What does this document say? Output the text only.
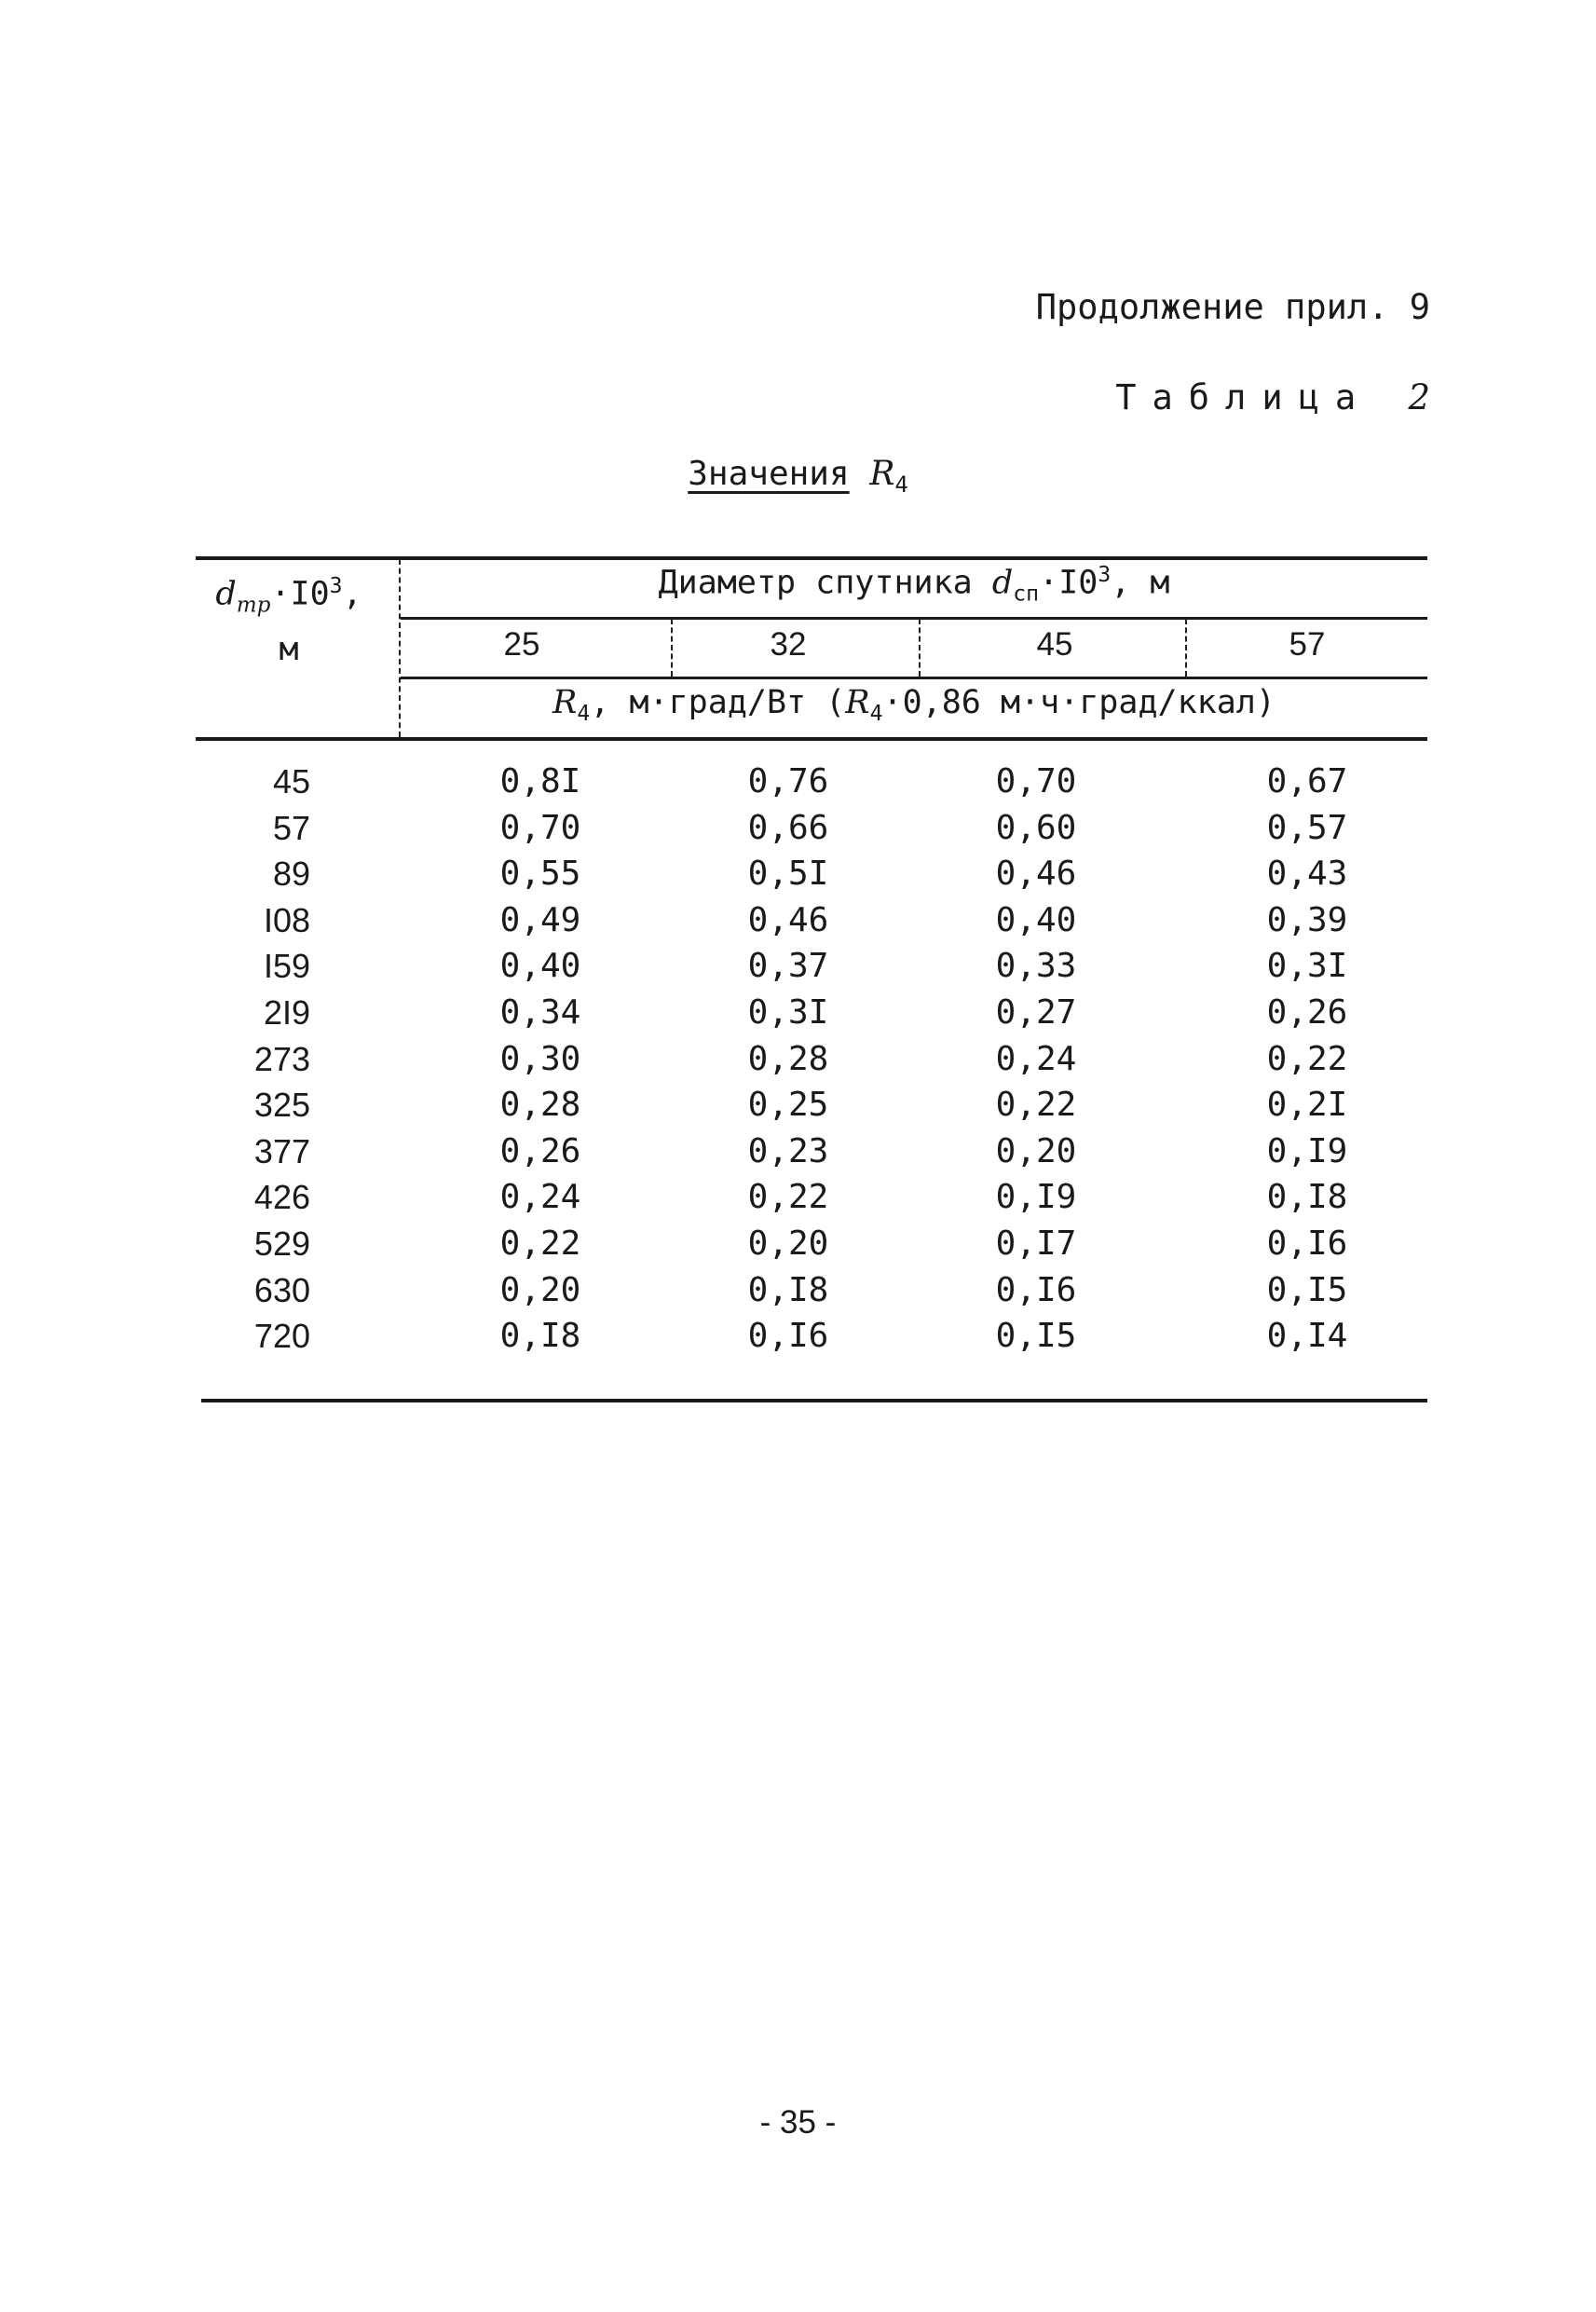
Продолжение прил. 9
Таблица 2
Значения $R_4$
$d_{тр}\cdot I0^3$,
м
Диаметр спутника $d_{сп}\cdot I0^3$, м
25	32	45	57
$R_4$, м·град/Вт ($R_4\cdot 0,86$ м·ч·град/ккал)
45	0,8I	0,76	0,70	0,67
57	0,70	0,66	0,60	0,57
89	0,55	0,5I	0,46	0,43
I08	0,49	0,46	0,40	0,39
I59	0,40	0,37	0,33	0,3I
2I9	0,34	0,3I	0,27	0,26
273	0,30	0,28	0,24	0,22
325	0,28	0,25	0,22	0,2I
377	0,26	0,23	0,20	0,I9
426	0,24	0,22	0,I9	0,I8
529	0,22	0,20	0,I7	0,I6
630	0,20	0,I8	0,I6	0,I5
720	0,I8	0,I6	0,I5	0,I4
- 35 -
